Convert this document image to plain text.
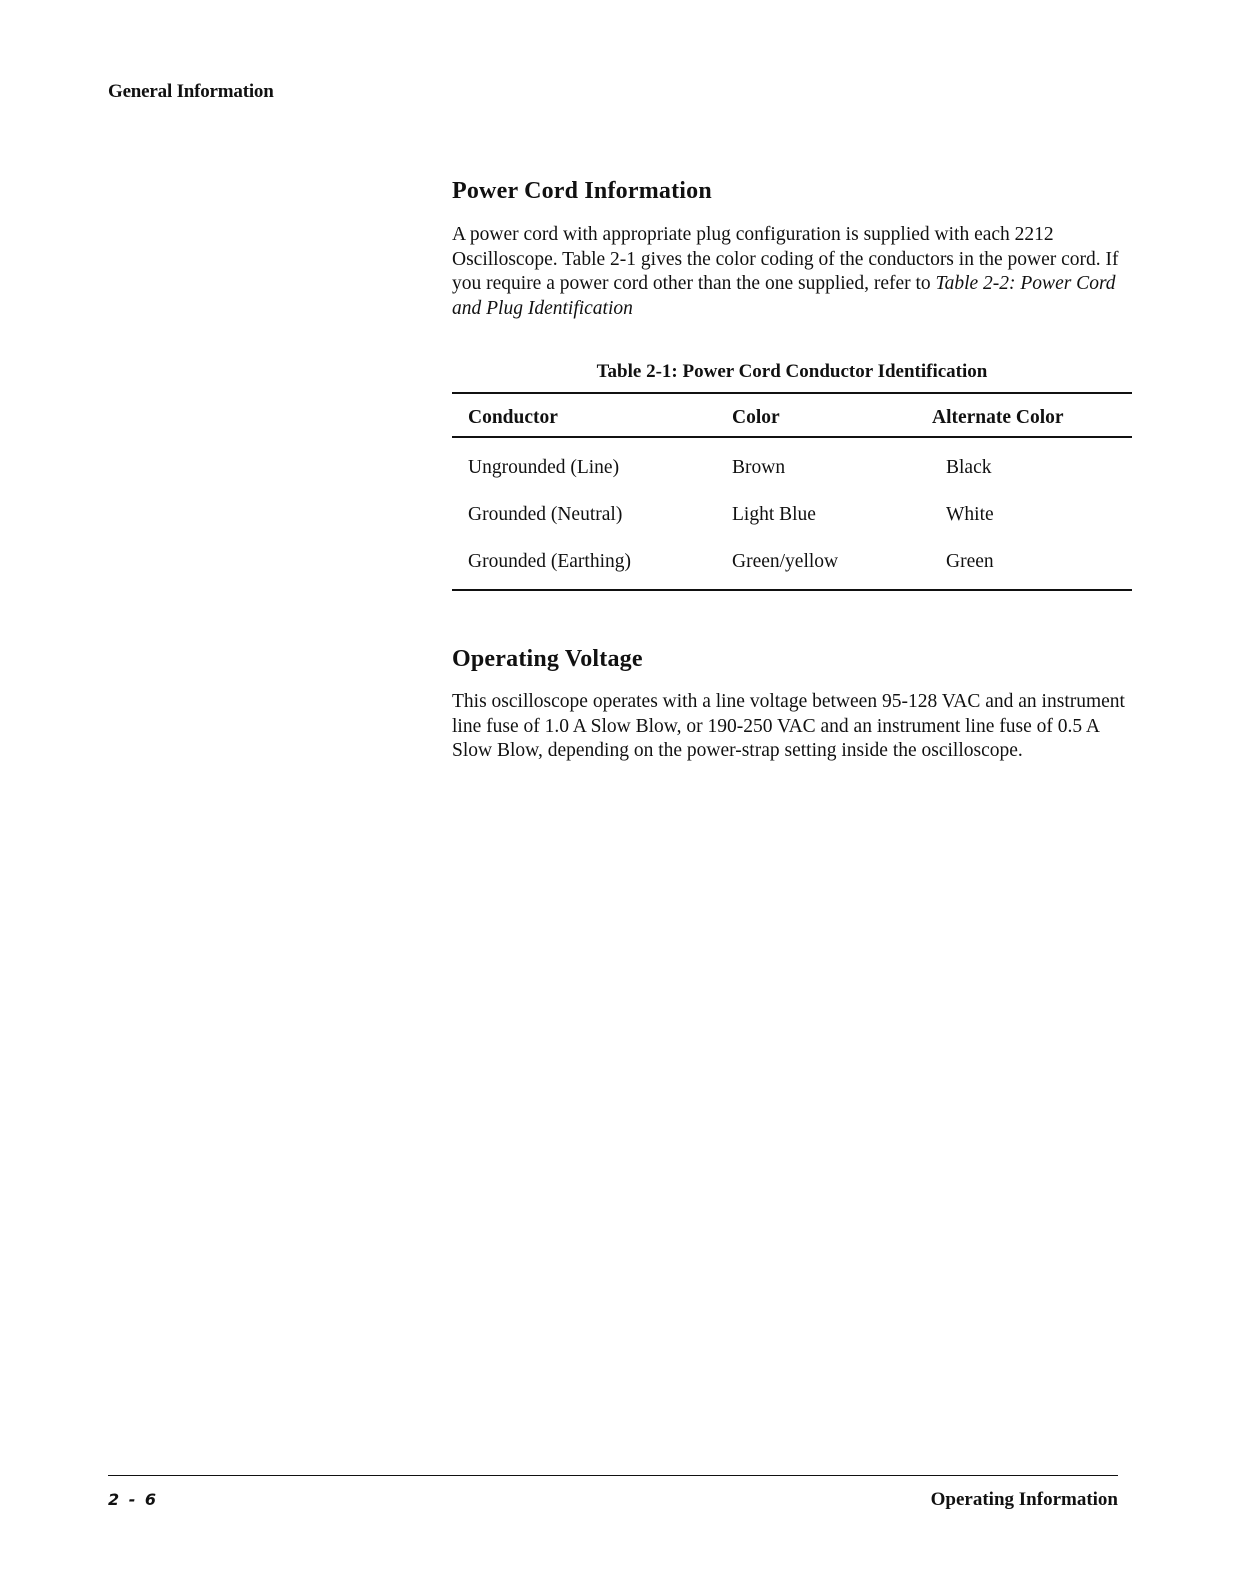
General Information
Power Cord Information

A power cord with appropriate plug configuration is supplied with each 2212 Oscilloscope. Table 2-1 gives the color coding of the conductors in the power cord. If you require a power cord other than the one supplied, refer to Table 2-2: Power Cord and Plug Identification

Table 2-1: Power Cord Conductor Identification
Conductor	Color	Alternate Color
Ungrounded (Line)	Brown	Black
Grounded (Neutral)	Light Blue	White
Grounded (Earthing)	Green/yellow	Green
Operating Voltage

This oscilloscope operates with a line voltage between 95-128 VAC and an instrument line fuse of 1.0 A Slow Blow, or 190-250 VAC and an instrument line fuse of 0.5 A Slow Blow, depending on the power-strap setting inside the oscilloscope.

2 - 6	Operating Information
